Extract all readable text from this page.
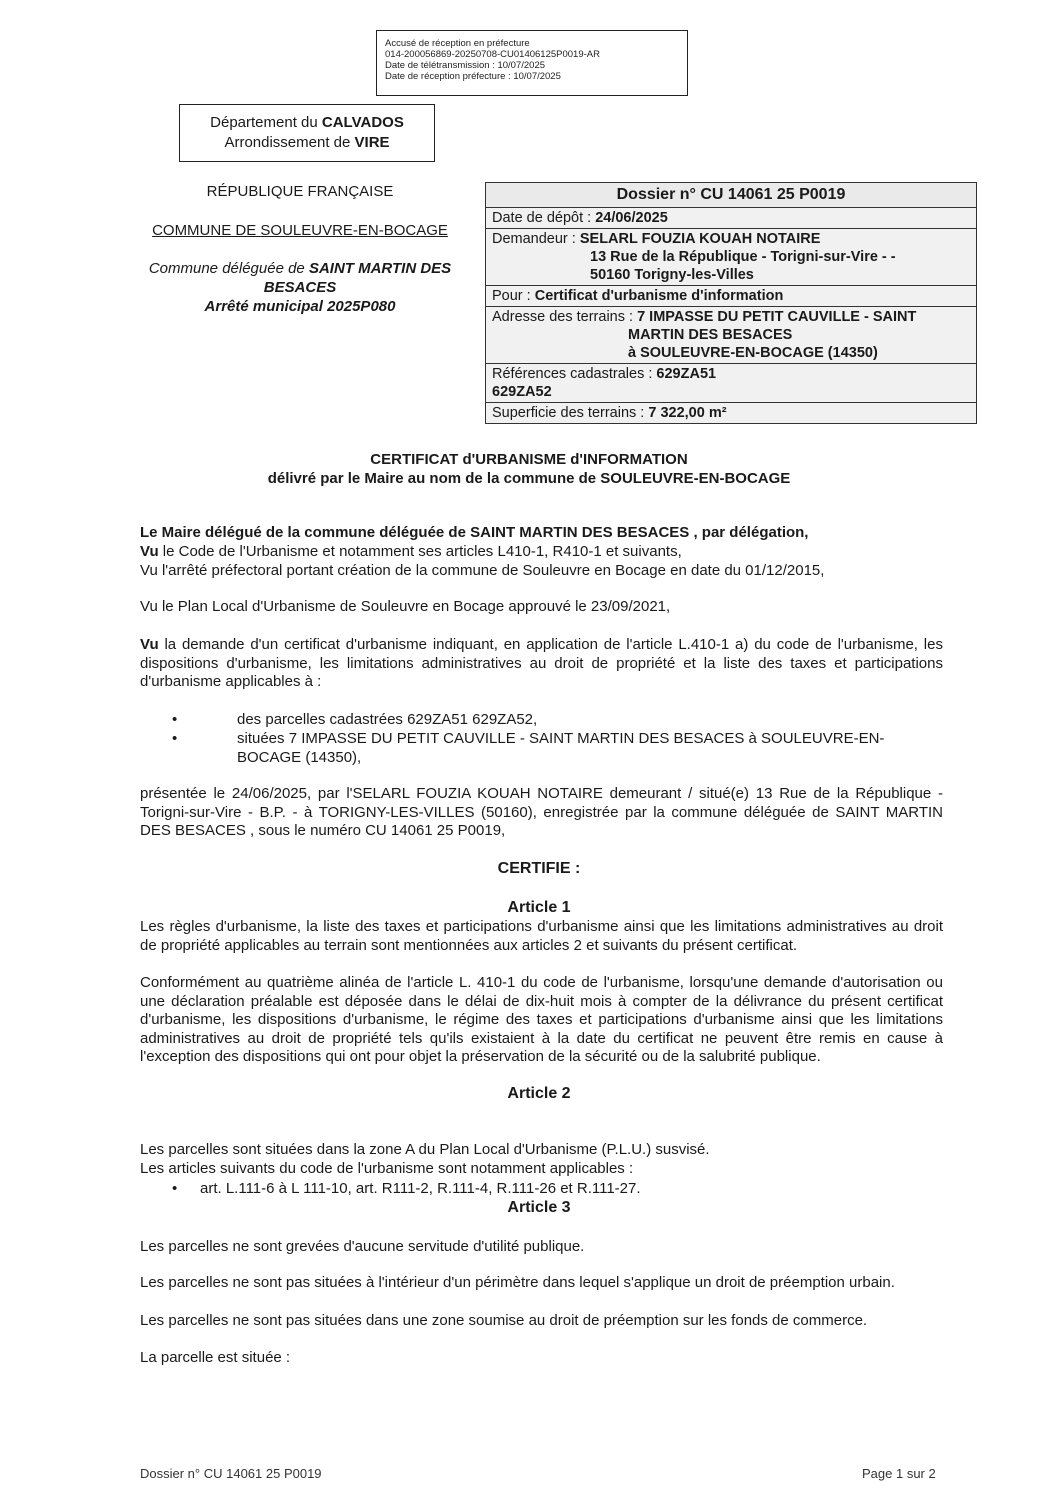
Accusé de réception en préfecture
014-200056869-20250708-CU01406125P0019-AR
Date de télétransmission : 10/07/2025
Date de réception préfecture : 10/07/2025
Département du CALVADOS
Arrondissement de VIRE
RÉPUBLIQUE FRANÇAISE
COMMUNE DE SOULEUVRE-EN-BOCAGE
Commune déléguée de SAINT MARTIN DES BESACES
Arrêté municipal 2025P080
Dossier n° CU 14061 25 P0019
Date de dépôt : 24/06/2025
Demandeur : SELARL FOUZIA KOUAH NOTAIRE
13 Rue de la République - Torigni-sur-Vire - -
50160 Torigny-les-Villes
Pour : Certificat d'urbanisme d'information
Adresse des terrains : 7 IMPASSE DU PETIT CAUVILLE - SAINT
MARTIN DES BESACES
à SOULEUVRE-EN-BOCAGE (14350)
Références cadastrales : 629ZA51
629ZA52
Superficie des terrains : 7 322,00 m²
CERTIFICAT d'URBANISME d'INFORMATION
délivré par le Maire au nom de la commune de SOULEUVRE-EN-BOCAGE
Le Maire délégué de la commune déléguée de SAINT MARTIN DES BESACES , par délégation,
Vu le Code de l'Urbanisme et notamment ses articles L410-1, R410-1 et suivants,
Vu l'arrêté préfectoral portant création de la commune de Souleuvre en Bocage en date du 01/12/2015,
Vu le Plan Local d'Urbanisme de Souleuvre en Bocage approuvé le 23/09/2021,
Vu la demande d'un certificat d'urbanisme indiquant, en application de l'article L.410-1 a) du code de l'urbanisme, les dispositions d'urbanisme, les limitations administratives au droit de propriété et la liste des taxes et participations d'urbanisme applicables à :
•	des parcelles cadastrées 629ZA51 629ZA52,
•	situées 7 IMPASSE DU PETIT CAUVILLE - SAINT MARTIN DES BESACES à SOULEUVRE-EN-BOCAGE (14350),
présentée le 24/06/2025, par l'SELARL FOUZIA KOUAH NOTAIRE demeurant / situé(e) 13 Rue de la République - Torigni-sur-Vire - B.P. - à TORIGNY-LES-VILLES (50160), enregistrée par la commune déléguée de SAINT MARTIN DES BESACES , sous le numéro CU 14061 25 P0019,
CERTIFIE :
Article 1
Les règles d'urbanisme, la liste des taxes et participations d'urbanisme ainsi que les limitations administratives au droit de propriété applicables au terrain sont mentionnées aux articles 2 et suivants du présent certificat.
Conformément au quatrième alinéa de l'article L. 410-1 du code de l'urbanisme, lorsqu'une demande d'autorisation ou une déclaration préalable est déposée dans le délai de dix-huit mois à compter de la délivrance du présent certificat d'urbanisme, les dispositions d'urbanisme, le régime des taxes et participations d'urbanisme ainsi que les limitations administratives au droit de propriété tels qu'ils existaient à la date du certificat ne peuvent être remis en cause à l'exception des dispositions qui ont pour objet la préservation de la sécurité ou de la salubrité publique.
Article 2
Les parcelles sont situées dans la zone A du Plan Local d'Urbanisme (P.L.U.) susvisé.
Les articles suivants du code de l'urbanisme sont notamment applicables :
• art. L.111-6 à L 111-10, art. R111-2, R.111-4, R.111-26 et R.111-27.
Article 3
Les parcelles ne sont grevées d'aucune servitude d'utilité publique.
Les parcelles ne sont pas situées à l'intérieur d'un périmètre dans lequel s'applique un droit de préemption urbain.
Les parcelles ne sont pas situées dans une zone soumise au droit de préemption sur les fonds de commerce.
La parcelle est située :
Dossier n° CU 14061 25 P0019	Page 1 sur 2
